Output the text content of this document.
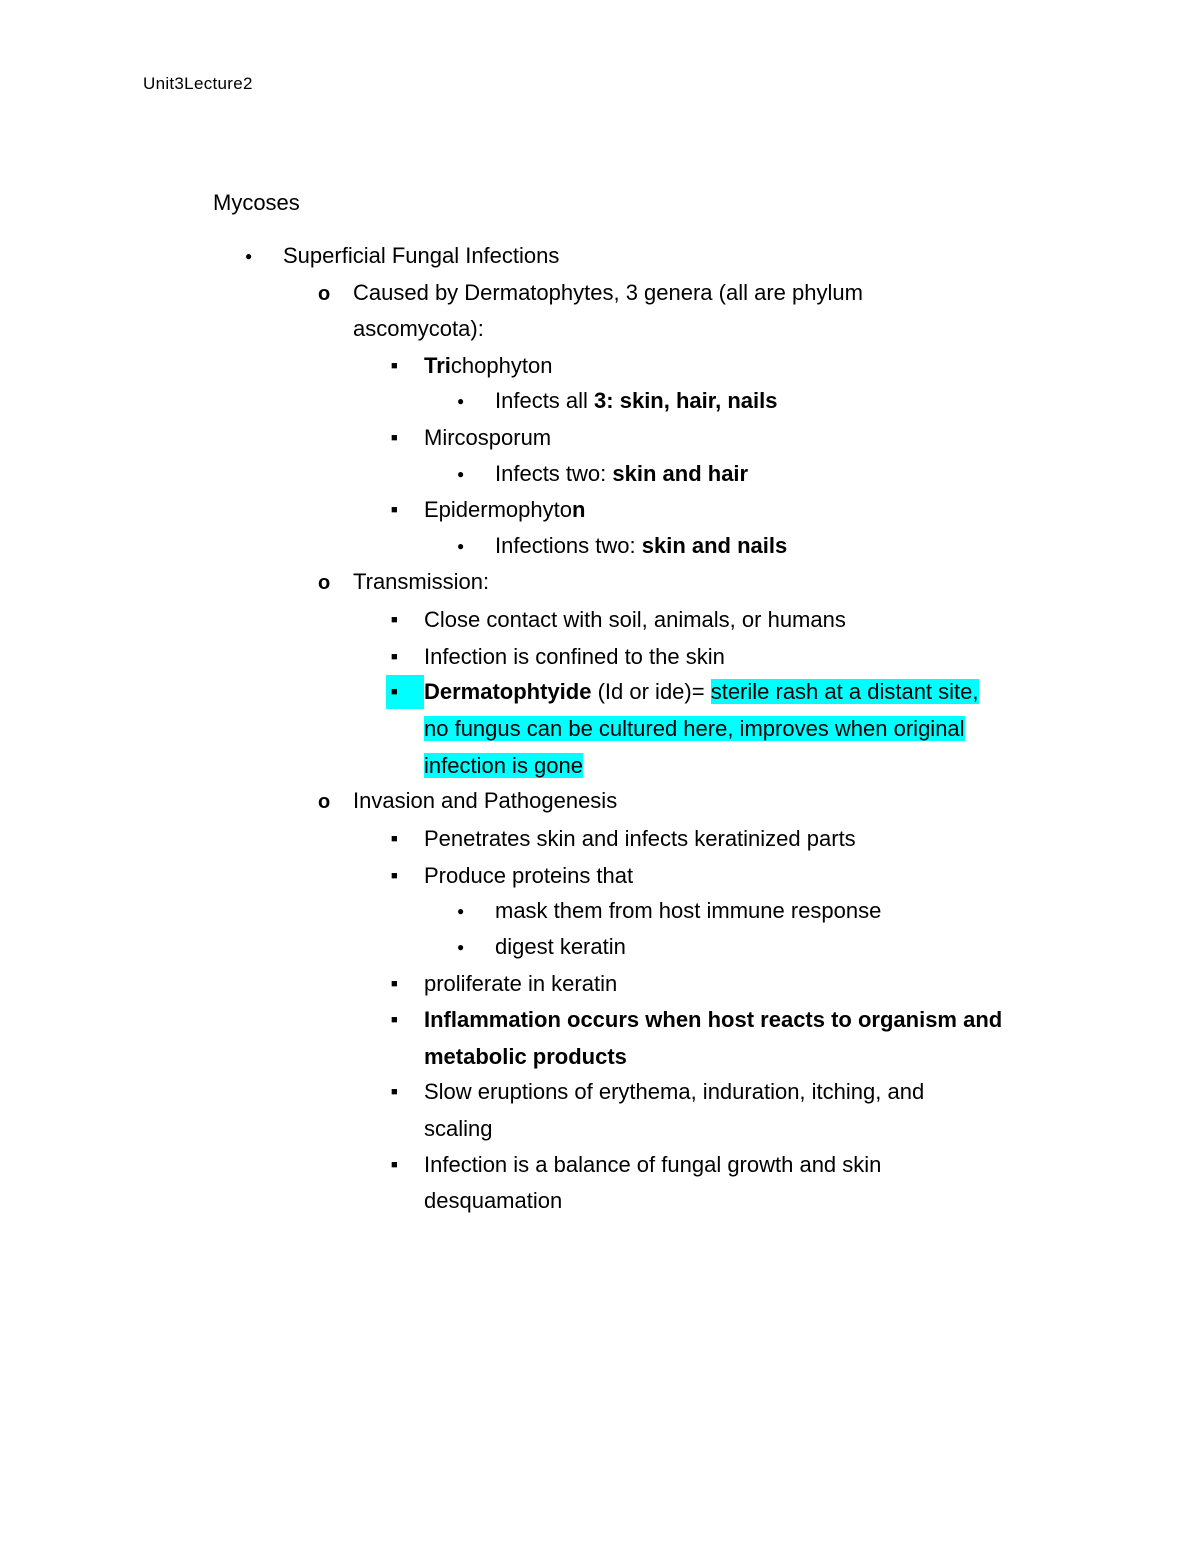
Unit3Lecture2
Mycoses
●
Superficial Fungal Infections
o
Caused by Dermatophytes, 3 genera (all are phylum
ascomycota):
■
Trichophyton
●
Infects all 3: skin, hair, nails
■
Mircosporum
●
Infects two: skin and hair
■
Epidermophyton
●
Infections two: skin and nails
o
Transmission:
■
Close contact with soil, animals, or humans
■
Infection is confined to the skin
■
Dermatophtyide (Id or ide)= sterile rash at a distant site,
no fungus can be cultured here, improves when original
infection is gone
o
Invasion and Pathogenesis
■
Penetrates skin and infects keratinized parts
■
Produce proteins that
●
mask them from host immune response
●
digest keratin
■
proliferate in keratin
■
Inflammation occurs when host reacts to organism and
metabolic products
■
Slow eruptions of erythema, induration, itching, and
scaling
■
Infection is a balance of fungal growth and skin
desquamation
